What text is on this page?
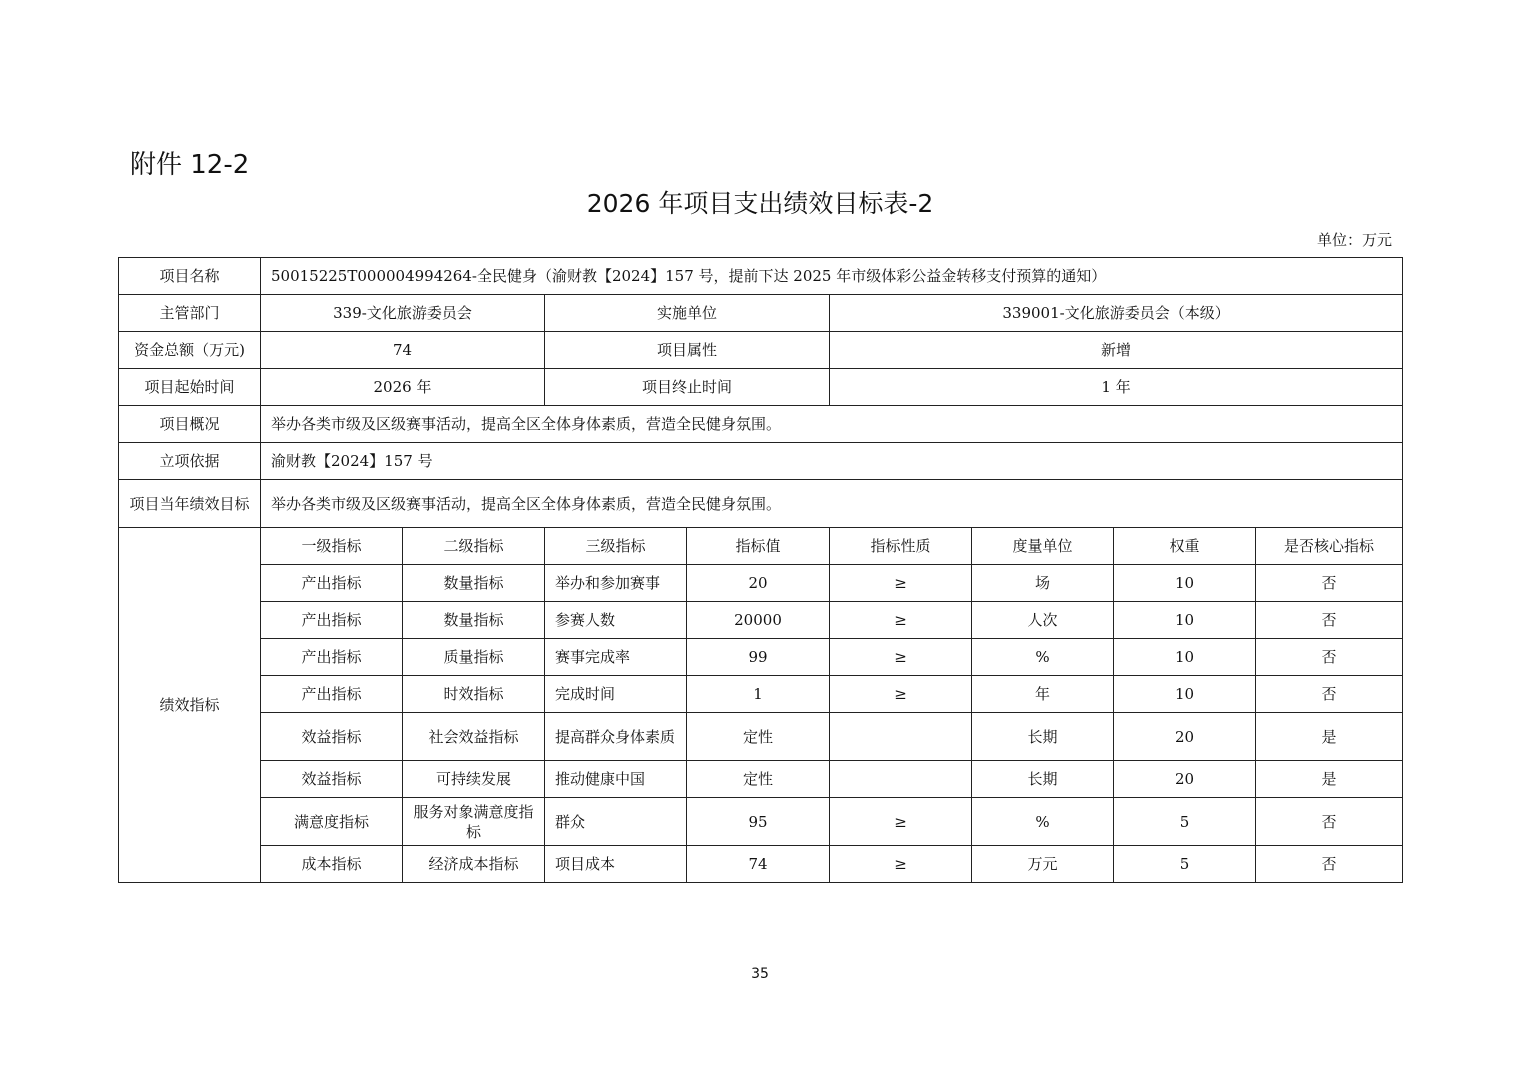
附件 12-2
2026 年项目支出绩效目标表-2
单位：万元
项目名称	50015225T000004994264-全民健身（渝财教【2024】157 号，提前下达 2025 年市级体彩公益金转移支付预算的通知）							
主管部门	339-文化旅游委员会		实施单位		339001-文化旅游委员会（本级）			
资金总额（万元)	74		项目属性		新增			
项目起始时间	2026 年		项目终止时间		1 年			
项目概况	举办各类市级及区级赛事活动，提高全区全体身体素质，营造全民健身氛围。							
立项依据	渝财教【2024】157 号							
项目当年绩效目标	举办各类市级及区级赛事活动，提高全区全体身体素质，营造全民健身氛围。							
绩效指标	一级指标	二级指标	三级指标	指标值	指标性质	度量单位	权重	是否核心指标
	产出指标	数量指标	举办和参加赛事	20	≥	场	10	否
	产出指标	数量指标	参赛人数	20000	≥	人次	10	否
	产出指标	质量指标	赛事完成率	99	≥	%	10	否
	产出指标	时效指标	完成时间	1	≥	年	10	否
	效益指标	社会效益指标	提高群众身体素质	定性		长期	20	是
	效益指标	可持续发展	推动健康中国	定性		长期	20	是
	满意度指标	服务对象满意度指标	群众	95	≥	%	5	否
	成本指标	经济成本指标	项目成本	74	≥	万元	5	否
35
